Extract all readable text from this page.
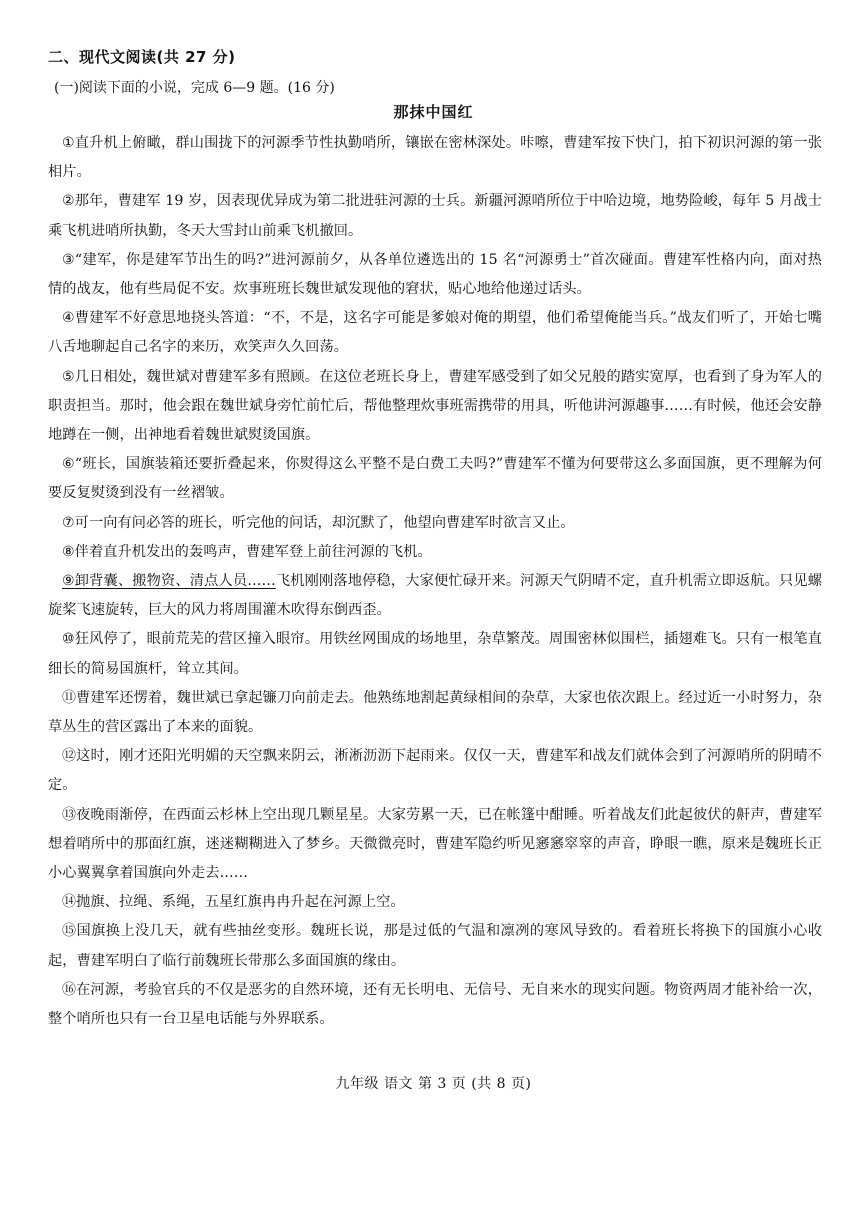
二、现代文阅读(共 27 分)
(一)阅读下面的小说，完成 6—9 题。(16 分)
那抹中国红

①直升机上俯瞰，群山围拢下的河源季节性执勤哨所，镶嵌在密林深处。咔嚓，曹建军按下快门，拍下初识河源的第一张相片。

②那年，曹建军 19 岁，因表现优异成为第二批进驻河源的士兵。新疆河源哨所位于中哈边境，地势险峻，每年 5 月战士乘飞机进哨所执勤，冬天大雪封山前乘飞机撤回。

③“建军，你是建军节出生的吗?”进河源前夕，从各单位遴选出的 15 名“河源勇士”首次碰面。曹建军性格内向，面对热情的战友，他有些局促不安。炊事班班长魏世斌发现他的窘状，贴心地给他递过话头。

④曹建军不好意思地挠头答道：“不，不是，这名字可能是爹娘对俺的期望，他们希望俺能当兵。”战友们听了，开始七嘴八舌地聊起自己名字的来历，欢笑声久久回荡。

⑤几日相处，魏世斌对曹建军多有照顾。在这位老班长身上，曹建军感受到了如父兄般的踏实宽厚，也看到了身为军人的职责担当。那时，他会跟在魏世斌身旁忙前忙后，帮他整理炊事班需携带的用具，听他讲河源趣事……有时候，他还会安静地蹲在一侧，出神地看着魏世斌熨烫国旗。

⑥“班长，国旗装箱还要折叠起来，你熨得这么平整不是白费工夫吗?”曹建军不懂为何要带这么多面国旗，更不理解为何要反复熨烫到没有一丝褶皱。

⑦可一向有问必答的班长，听完他的问话，却沉默了，他望向曹建军时欲言又止。

⑧伴着直升机发出的轰鸣声，曹建军登上前往河源的飞机。

⑨卸背囊、搬物资、清点人员……飞机刚刚落地停稳，大家便忙碌开来。河源天气阴晴不定，直升机需立即返航。只见螺旋桨飞速旋转，巨大的风力将周围灌木吹得东倒西歪。

⑩狂风停了，眼前荒芜的营区撞入眼帘。用铁丝网围成的场地里，杂草繁茂。周围密林似围栏，插翅难飞。只有一根笔直细长的简易国旗杆，耸立其间。

⑪曹建军还愣着，魏世斌已拿起镰刀向前走去。他熟练地割起黄绿相间的杂草，大家也依次跟上。经过近一小时努力，杂草丛生的营区露出了本来的面貌。

⑫这时，刚才还阳光明媚的天空飘来阴云，淅淅沥沥下起雨来。仅仅一天，曹建军和战友们就体会到了河源哨所的阴晴不定。

⑬夜晚雨渐停，在西面云杉林上空出现几颗星星。大家劳累一天，已在帐篷中酣睡。听着战友们此起彼伏的鼾声，曹建军想着哨所中的那面红旗，迷迷糊糊进入了梦乡。天微微亮时，曹建军隐约听见窸窸窣窣的声音，睁眼一瞧，原来是魏班长正小心翼翼拿着国旗向外走去……

⑭抛旗、拉绳、系绳，五星红旗冉冉升起在河源上空。

⑮国旗换上没几天，就有些抽丝变形。魏班长说，那是过低的气温和凛冽的寒风导致的。看着班长将换下的国旗小心收起，曹建军明白了临行前魏班长带那么多面国旗的缘由。

⑯在河源，考验官兵的不仅是恶劣的自然环境，还有无长明电、无信号、无自来水的现实问题。物资两周才能补给一次，整个哨所也只有一台卫星电话能与外界联系。

九年级 语文 第 3 页 (共 8 页)
